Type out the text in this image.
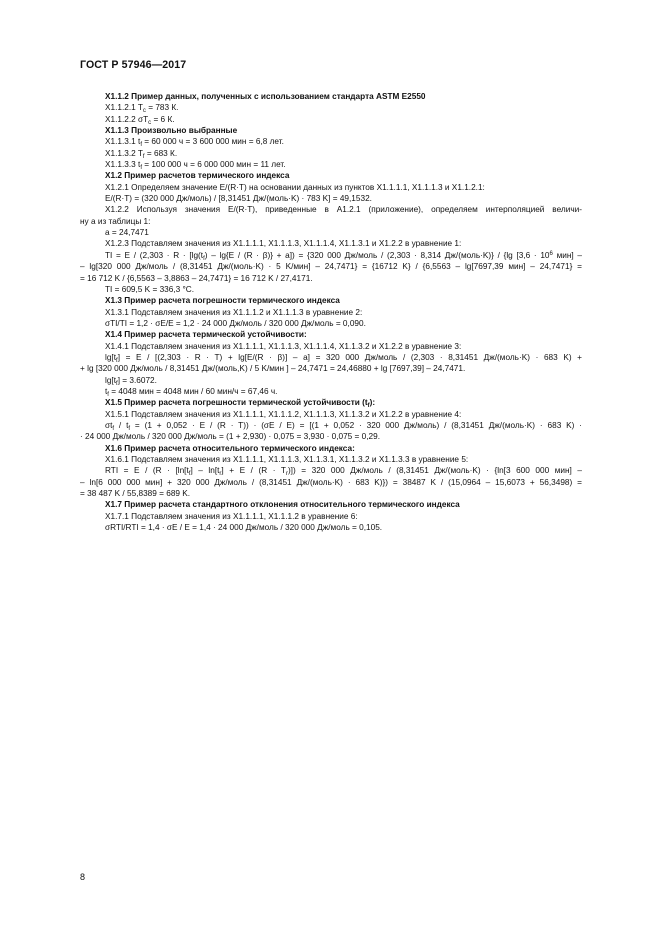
ГОСТ Р 57946—2017
X1.1.2 Пример данных, полученных с использованием стандарта ASTM E2550
X1.1.2.1 $T_c = 783$ К.
X1.1.2.2 $\sigma T_c = 6$ К.
X1.1.3 Произвольно выбранные
X1.1.3.1 $t_f = 60$ 000 ч = 3 600 000 мин = 6,8 лет.
X1.1.3.2 $T_f = 683$ К.
X1.1.3.3 $t_f = 100$ 000 ч = 6 000 000 мин = 11 лет.
X1.2 Пример расчетов термического индекса
X1.2.1 Определяем значение E/(R·T) на основании данных из пунктов X1.1.1.1, X1.1.1.3 и X1.1.2.1:
E/(R·T) = (320 000 Дж/моль) / [8,31451 Дж/(моль·K) · 783 K] = 49,1532.
X1.2.2 Используя значения E/(R·T), приведенные в A1.2.1 (приложение), определяем интерполяцией величи-
ну a из таблицы 1:
a = 24,7471
X1.2.3 Подставляем значения из X1.1.1.1, X1.1.1.3, X1.1.1.4, X1.1.3.1 и X1.2.2 в уравнение 1:
TI = $E / (2,303 \cdot R \cdot [\lg(t_f) - \lg\{E / (R \cdot \beta)\} + a]) = \{320$ 000 Дж/моль / (2,303 · 8,314 Дж/(моль·K)} / {lg [$3,6 \cdot 10^6$ мин] –
– lg[320 000 Дж/моль / (8,31451 Дж/(моль·K) · 5 K/мин] – 24,7471} = {16712 K} / {6,5563 – lg[7697,39 мин] – 24,7471} =
= 16 712 K / {6,5563 – 3,8863 – 24,7471} = 16 712 K / 27,4171.
TI = 609,5 K = 336,3 °C.
X1.3 Пример расчета погрешности термического индекса
X1.3.1 Подставляем значения из X1.1.1.2 и X1.1.1.3 в уравнение 2:
σTI/TI = 1,2 · σE/E = 1,2 · 24 000 Дж/моль / 320 000 Дж/моль = 0,090.
X1.4 Пример расчета термической устойчивости:
X1.4.1 Подставляем значения из X1.1.1.1, X1.1.1.3, X1.1.1.4, X1.1.3.2 и X1.2.2 в уравнение 3:
$\lg[t_f] = E / [(2,303 \cdot R \cdot T) + \lg[E/(R \cdot \beta)] - a] = 320$ 000 Дж/моль / (2,303 · 8,31451 Дж/(моль·K) · 683 K) +
+ lg [320 000 Дж/моль / 8,31451 Дж/(моль,K) / 5 K/мин ] – 24,7471 = 24,46880 + lg [7697,39] – 24,7471.
$\lg[t_f] = 3.6072$.
$t_f = 4048$ мин = 4048 мин / 60 мин/ч = 67,46 ч.
X1.5 Пример расчета погрешности термической устойчивости $(t_f)$:
X1.5.1 Подставляем значения из X1.1.1.1, X1.1.1.2, X1.1.1.3, X1.1.3.2 и X1.2.2 в уравнение 4:
$\sigma t_f / t_f = (1 + 0,052 \cdot E / (R \cdot T)) \cdot (\sigma E / E) = [(1 + 0,052 \cdot 320$ 000 Дж/моль) / (8,31451 Дж/(моль·K) · 683 K) ·
· 24 000 Дж/моль / 320 000 Дж/моль = (1 + 2,930) · 0,075 = 3,930 · 0,075 = 0,29.
X1.6 Пример расчета относительного термического индекса:
X1.6.1 Подставляем значения из X1.1.1.1, X1.1.1.3, X1.1.3.1, X1.1.3.2 и X1.1.3.3 в уравнение 5:
RTI = $E / (R \cdot [\ln[t_f] - \ln[t_r] + E / (R \cdot T_r)]) = 320$ 000 Дж/моль / (8,31451 Дж/(моль·K) · {ln[3 600 000 мин] –
– ln[6 000 000 мин] + 320 000 Дж/моль / (8,31451 Дж/(моль·K) · 683 K)}) = 38487 K / (15,0964 – 15,6073 + 56,3498) =
= 38 487 K / 55,8389 = 689 K.
X1.7 Пример расчета стандартного отклонения относительного термического индекса
X1.7.1 Подставляем значения из X1.1.1.1, X1.1.1.2 в уравнение 6:
σRTI/RTI = 1,4 · σE / E = 1,4 · 24 000 Дж/моль / 320 000 Дж/моль = 0,105.
8
